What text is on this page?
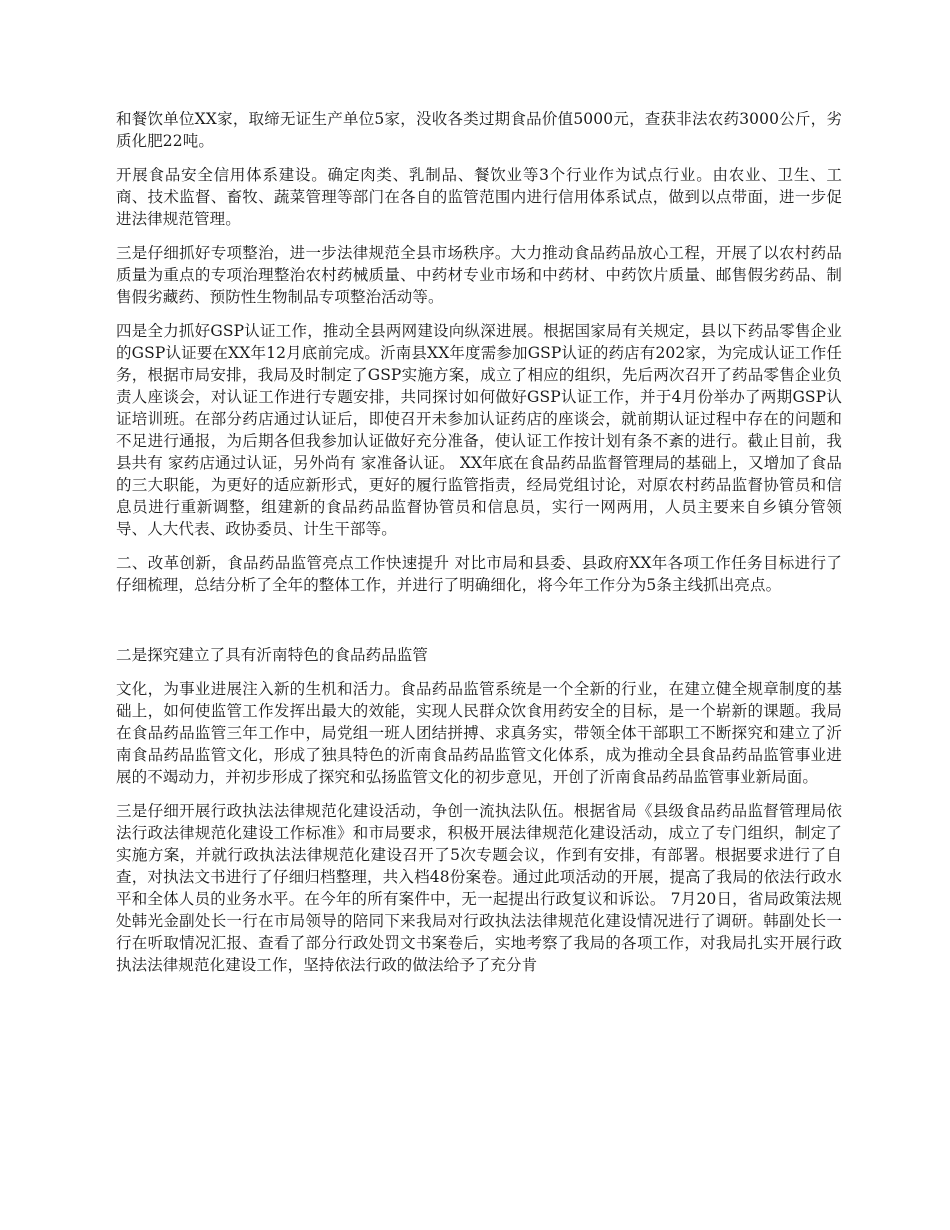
和餐饮单位XX家，取缔无证生产单位5家，没收各类过期食品价值5000元，查获非法农药3000公斤，劣质化肥22吨。

开展食品安全信用体系建设。确定肉类、乳制品、餐饮业等3个行业作为试点行业。由农业、卫生、工商、技术监督、畜牧、蔬菜管理等部门在各自的监管范围内进行信用体系试点，做到以点带面，进一步促进法律规范管理。

三是仔细抓好专项整治，进一步法律规范全县市场秩序。大力推动食品药品放心工程，开展了以农村药品质量为重点的专项治理整治农村药械质量、中药材专业市场和中药材、中药饮片质量、邮售假劣药品、制售假劣藏药、预防性生物制品专项整治活动等。

四是全力抓好GSP认证工作，推动全县两网建设向纵深进展。根据国家局有关规定，县以下药品零售企业的GSP认证要在XX年12月底前完成。沂南县XX年度需参加GSP认证的药店有202家，为完成认证工作任务，根据市局安排，我局及时制定了GSP实施方案，成立了相应的组织，先后两次召开了药品零售企业负责人座谈会，对认证工作进行专题安排，共同探讨如何做好GSP认证工作，并于4月份举办了两期GSP认证培训班。在部分药店通过认证后，即使召开未参加认证药店的座谈会，就前期认证过程中存在的问题和不足进行通报，为后期各但我参加认证做好充分准备，使认证工作按计划有条不紊的进行。截止目前，我县共有 家药店通过认证，另外尚有 家准备认证。 XX年底在食品药品监督管理局的基础上，又增加了食品的三大职能，为更好的适应新形式，更好的履行监管指责，经局党组讨论，对原农村药品监督协管员和信息员进行重新调整，组建新的食品药品监督协管员和信息员，实行一网两用，人员主要来自乡镇分管领导、人大代表、政协委员、计生干部等。

二、改革创新，食品药品监管亮点工作快速提升 对比市局和县委、县政府XX年各项工作任务目标进行了仔细梳理，总结分析了全年的整体工作，并进行了明确细化，将今年工作分为5条主线抓出亮点。

二是探究建立了具有沂南特色的食品药品监管

文化，为事业进展注入新的生机和活力。食品药品监管系统是一个全新的行业，在建立健全规章制度的基础上，如何使监管工作发挥出最大的效能，实现人民群众饮食用药安全的目标，是一个崭新的课题。我局在食品药品监管三年工作中，局党组一班人团结拼搏、求真务实，带领全体干部职工不断探究和建立了沂南食品药品监管文化，形成了独具特色的沂南食品药品监管文化体系，成为推动全县食品药品监管事业进展的不竭动力，并初步形成了探究和弘扬监管文化的初步意见，开创了沂南食品药品监管事业新局面。

三是仔细开展行政执法法律规范化建设活动，争创一流执法队伍。根据省局《县级食品药品监督管理局依法行政法律规范化建设工作标准》和市局要求，积极开展法律规范化建设活动，成立了专门组织，制定了实施方案，并就行政执法法律规范化建设召开了5次专题会议，作到有安排，有部署。根据要求进行了自查，对执法文书进行了仔细归档整理，共入档48份案卷。通过此项活动的开展，提高了我局的依法行政水平和全体人员的业务水平。在今年的所有案件中，无一起提出行政复议和诉讼。 7月20日，省局政策法规处韩光金副处长一行在市局领导的陪同下来我局对行政执法法律规范化建设情况进行了调研。韩副处长一行在听取情况汇报、查看了部分行政处罚文书案卷后，实地考察了我局的各项工作，对我局扎实开展行政执法法律规范化建设工作，坚持依法行政的做法给予了充分肯
